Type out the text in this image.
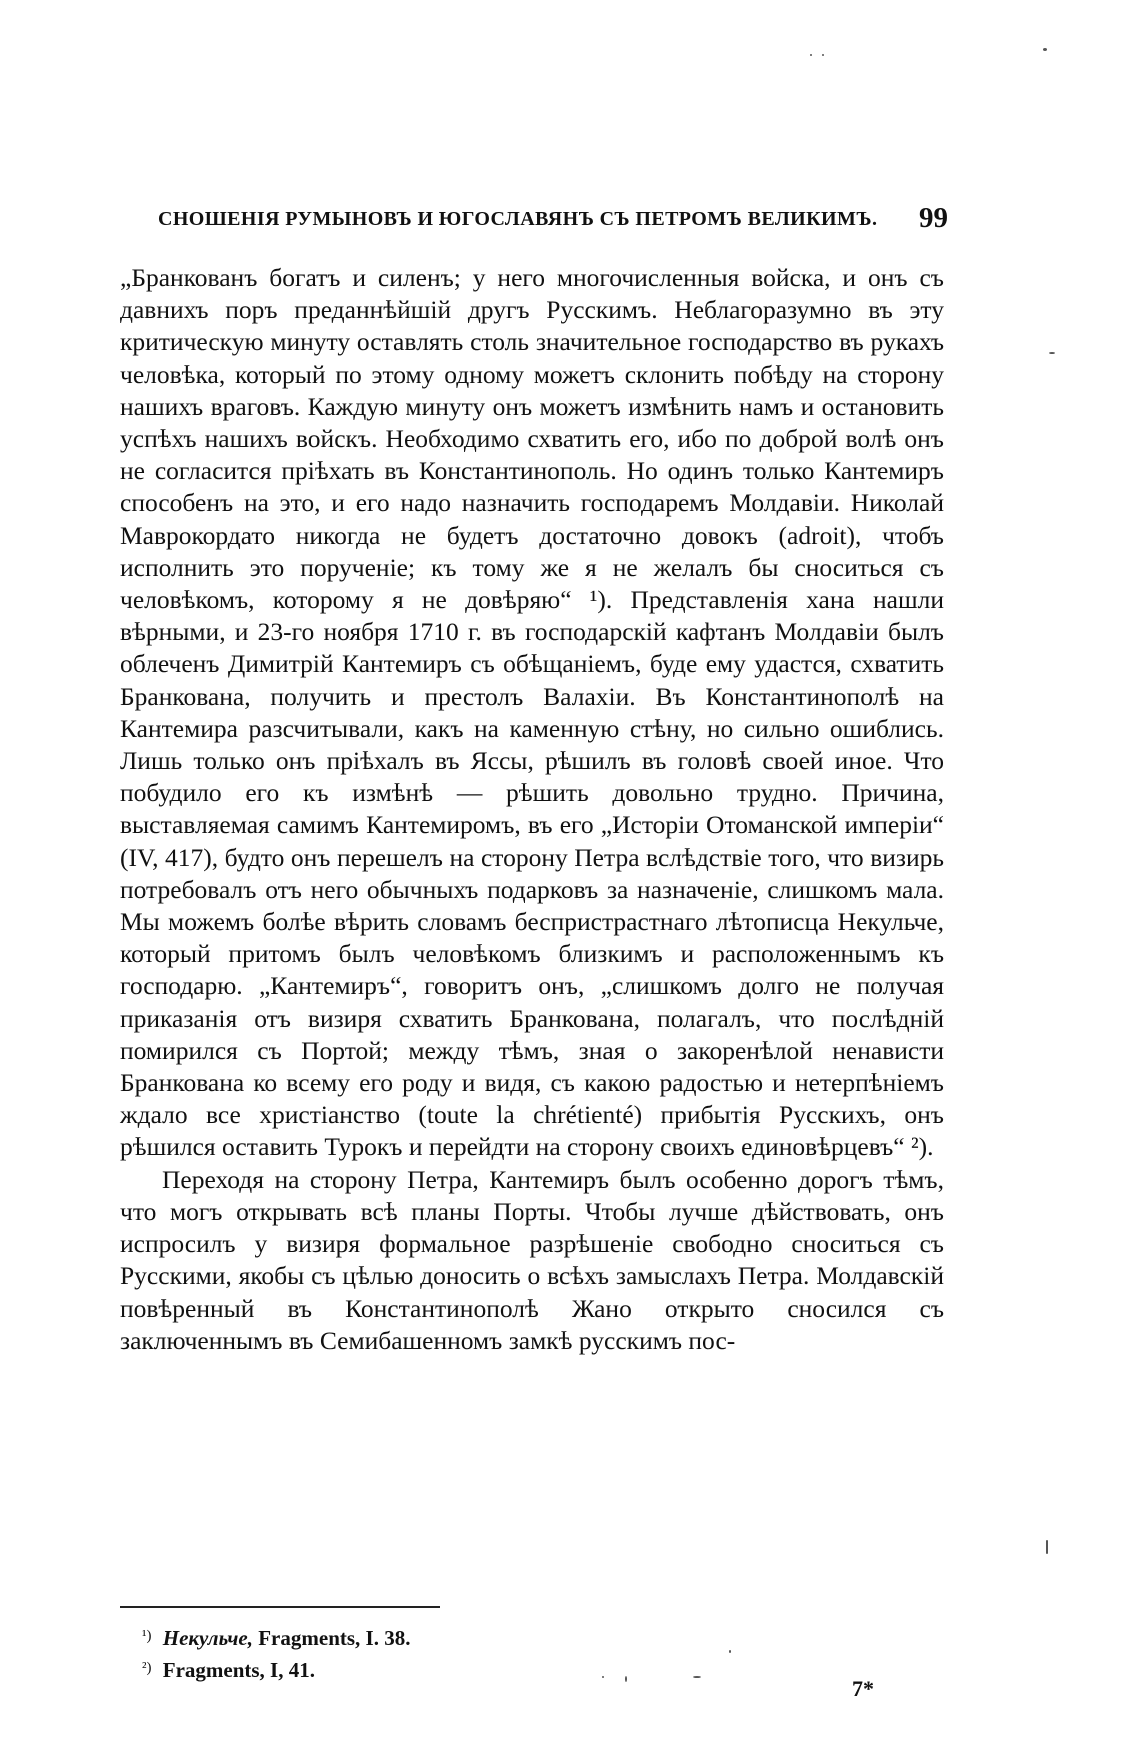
СНОШЕНІЯ РУМЫНОВЪ И ЮГОСЛАВЯНЪ СЪ ПЕТРОМЪ ВЕЛИКИМЪ. 99

„Бранкованъ богатъ и силенъ; у него многочисленныя войска, и онъ съ давнихъ поръ преданнѣйшій другъ Русскимъ. Неблагоразумно въ эту критическую минуту оставлять столь значительное господарство въ рукахъ человѣка, который по этому одному можетъ склонить побѣду на сторону нашихъ враговъ. Каждую минуту онъ можетъ измѣнить намъ и остановить успѣхъ нашихъ войскъ. Необходимо схватить его, ибо по доброй волѣ онъ не согласится пріѣхать въ Константинополь. Но одинъ только Кантемиръ способенъ на это, и его надо назначить господаремъ Молдавіи. Николай Маврокордато никогда не будетъ достаточно довокъ (adroit), чтобъ исполнить это порученіе; къ тому же я не желалъ бы сноситься съ человѣкомъ, которому я не довѣряю“ ¹). Представленія хана нашли вѣрными, и 23-го ноября 1710 г. въ господарскій кафтанъ Молдавіи былъ облеченъ Димитрій Кантемиръ съ обѣщаніемъ, буде ему удастся, схватить Бранкована, получить и престолъ Валахіи. Въ Константинополѣ на Кантемира разсчитывали, какъ на каменную стѣну, но сильно ошиблись. Лишь только онъ пріѣхалъ въ Яссы, рѣшилъ въ головѣ своей иное. Что побудило его къ измѣнѣ — рѣшить довольно трудно. Причина, выставляемая самимъ Кантемиромъ, въ его „Исторіи Отоманской имперіи“ (IV, 417), будто онъ перешелъ на сторону Петра вслѣдствіе того, что визирь потребовалъ отъ него обычныхъ подарковъ за назначеніе, слишкомъ мала. Мы можемъ болѣе вѣрить словамъ беспристрастнаго лѣтописца Некульче, который притомъ былъ человѣкомъ близкимъ и расположеннымъ къ господарю. „Кантемиръ“, говоритъ онъ, „слишкомъ долго не получая приказанія отъ визиря схватить Бранкована, полагалъ, что послѣдній помирился съ Портой; между тѣмъ, зная о закоренѣлой ненависти Бранкована ко всему его роду и видя, съ какою радостью и нетерпѣніемъ ждало все христіанство (toute la chrétienté) прибытія Русскихъ, онъ рѣшился оставить Турокъ и перейдти на сторону своихъ единовѣрцевъ“ ²).

Переходя на сторону Петра, Кантемиръ былъ особенно дорогъ тѣмъ, что могъ открывать всѣ планы Порты. Чтобы лучше дѣйствовать, онъ испросилъ у визиря формальное разрѣшеніе свободно сноситься съ Русскими, якобы съ цѣлью доносить о всѣхъ замыслахъ Петра. Молдавскій повѣренный въ Константинополѣ Жано открыто сносился съ заключеннымъ въ Семибашенномъ замкѣ русскимъ пос-

$^{^1)}$ Некульче, Fragments, I. 38.
$^{^2)}$ Fragments, I, 41.
7*
